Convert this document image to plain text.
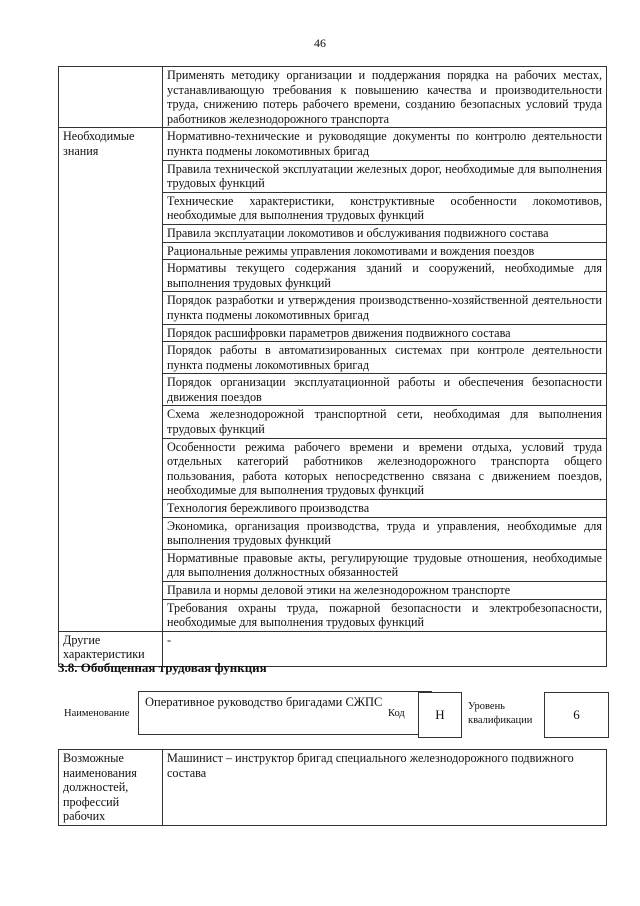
46
	Применять методику организации и поддержания порядка на рабочих местах, устанавливающую требования к повышению качества и производительности труда, снижению потерь рабочего времени, созданию безопасных условий труда работников железнодорожного транспорта
Необходимые знания	Нормативно-технические и руководящие документы по контролю деятельности пункта подмены локомотивных бригад
	Правила технической эксплуатации железных дорог, необходимые для выполнения трудовых функций
	Технические характеристики, конструктивные особенности локомотивов, необходимые для выполнения трудовых функций
	Правила эксплуатации локомотивов и обслуживания подвижного состава
	Рациональные режимы управления локомотивами и вождения поездов
	Нормативы текущего содержания зданий и сооружений, необходимые для выполнения трудовых функций
	Порядок разработки и утверждения производственно-хозяйственной деятельности пункта подмены локомотивных бригад
	Порядок расшифровки параметров движения подвижного состава
	Порядок работы в автоматизированных системах при контроле деятельности пункта подмены локомотивных бригад
	Порядок организации эксплуатационной работы и обеспечения безопасности движения поездов
	Схема железнодорожной транспортной сети, необходимая для выполнения трудовых функций
	Особенности режима рабочего времени и времени отдыха, условий труда отдельных категорий работников железнодорожного транспорта общего пользования, работа которых непосредственно связана с движением поездов, необходимые для выполнения трудовых функций
	Технология бережливого производства
	Экономика, организация производства, труда и управления, необходимые для выполнения трудовых функций
	Нормативные правовые акты, регулирующие трудовые отношения, необходимые для выполнения должностных обязанностей
	Правила и нормы деловой этики на железнодорожном транспорте
	Требования охраны труда, пожарной безопасности и электробезопасности, необходимые для выполнения трудовых функций
Другие характеристики	-
3.8. Обобщенная трудовая функция
Наименование
Оперативное руководство бригадами СЖПС
Код	H
Уровень квалификации	6
Возможные наименования должностей, профессий рабочих	Машинист – инструктор бригад специального железнодорожного подвижного состава
